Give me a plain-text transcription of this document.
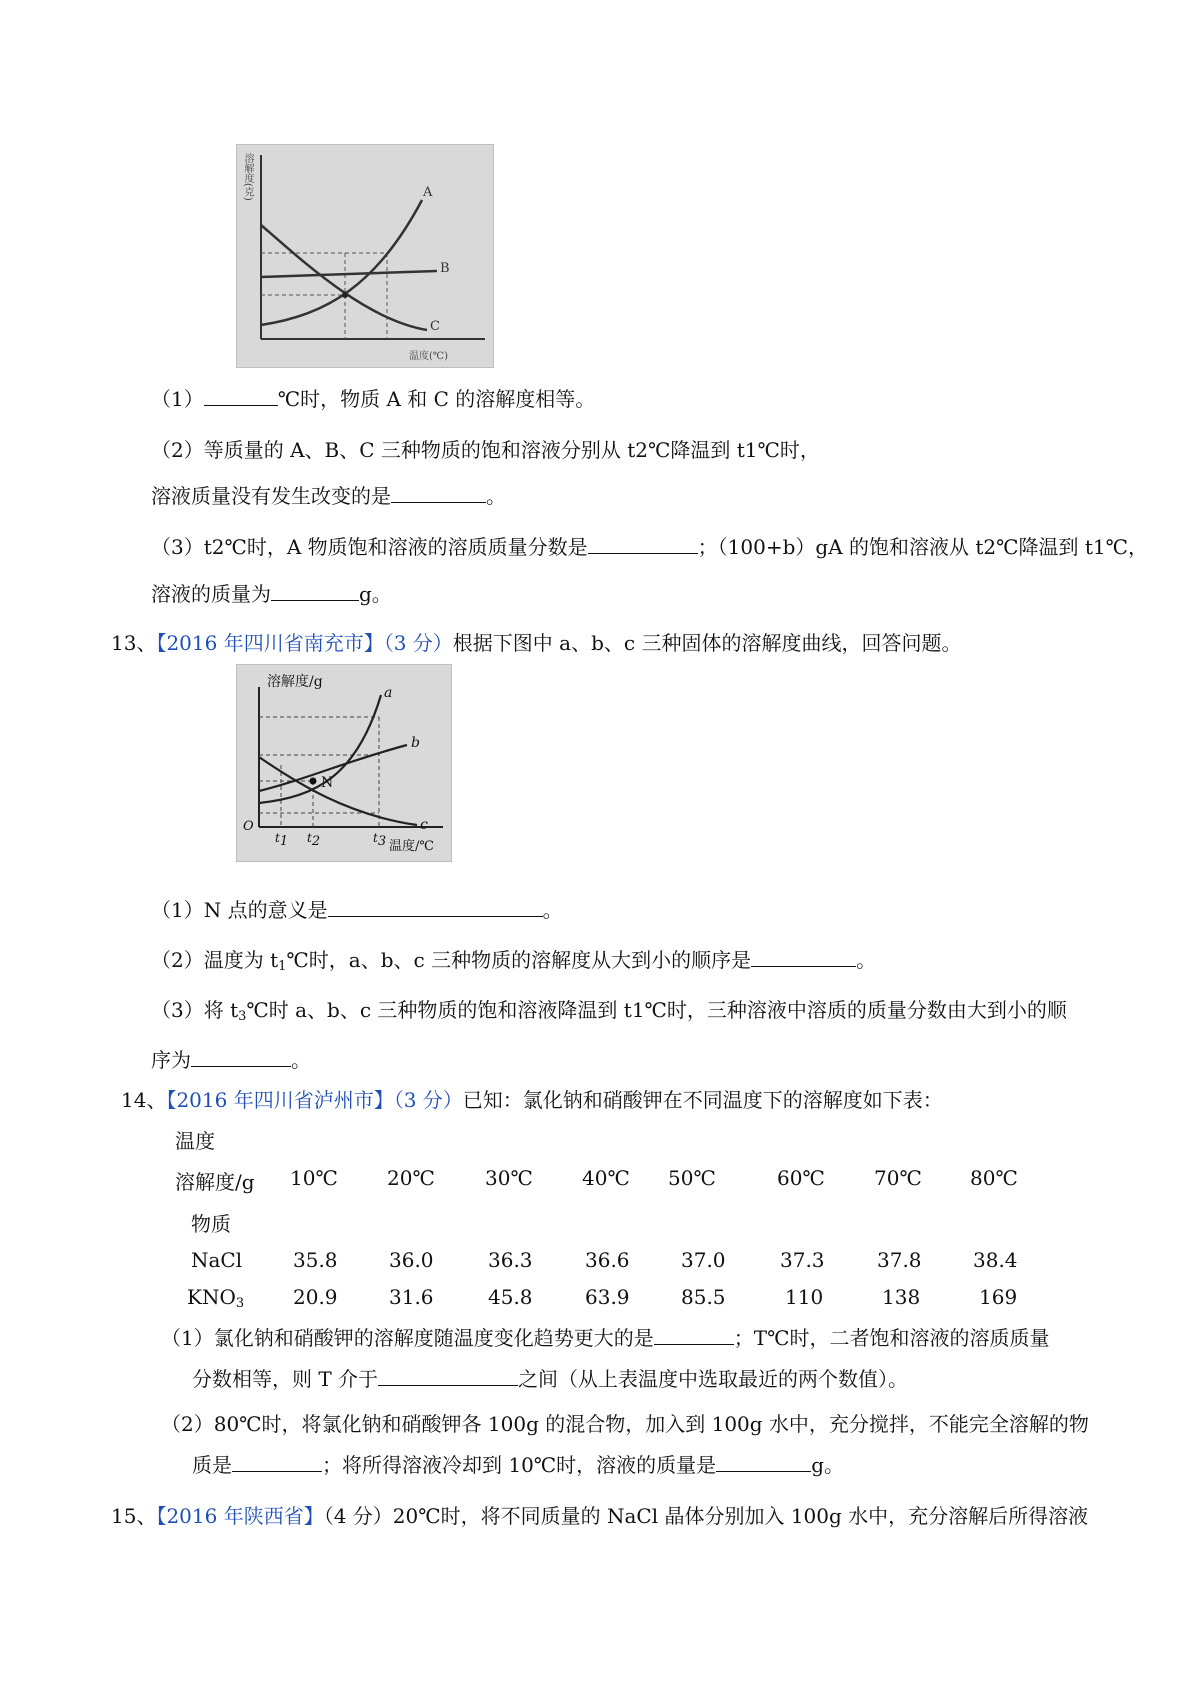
溶解度(克)	A
B
C
温度(℃)
（1）	℃时，物质 A 和 C 的溶解度相等。
（2）等质量的 A、B、C 三种物质的饱和溶液分别从 t2℃降温到 t1℃时，
溶液质量没有发生改变的是	。
（3）t2℃时，A 物质饱和溶液的溶质质量分数是	；（100+b）gA 的饱和溶液从 t2℃降温到 t1℃，
溶液的质量为	g。
13、【2016 年四川省南充市】（3 分）根据下图中 a、b、c 三种固体的溶解度曲线，回答问题。
溶解度/g
温度/℃
O
N
a
b
c
$t_1$ $t_2$	$t_3$
（1）N 点的意义是	。
（2）温度为 $t_1℃$时，a、b、c 三种物质的溶解度从大到小的顺序是	。
（3）将 $t_3℃$时 a、b、c 三种物质的饱和溶液降温到 t1℃时，三种溶液中溶质的质量分数由大到小的顺
序为	。
14、【2016 年四川省泸州市】（3 分）已知：氯化钠和硝酸钾在不同温度下的溶解度如下表：
温度
溶解度/g
物质
10℃ 20℃	30℃ 40℃ 50℃	60℃ 70℃ 80℃
NaCl	35.8	36.0	36.3	36.6	37.0	37.3	37.8	38.4
$KNO_3$ 20.9	31.6	45.8	63.9	85.5	110	138	169
（1）氯化钠和硝酸钾的溶解度随温度变化趋势更大的是	；T℃时，二者饱和溶液的溶质质量
分数相等，则 T 介于	之间（从上表温度中选取最近的两个数值）。
（2）80℃时，将氯化钠和硝酸钾各 100g 的混合物，加入到 100g 水中，充分搅拌，不能完全溶解的物
质是	；将所得溶液冷却到 10℃时，溶液的质量是	g。
15、【2016 年陕西省】（4 分）20℃时，将不同质量的 NaCl 晶体分别加入 100g 水中，充分溶解后所得溶液
